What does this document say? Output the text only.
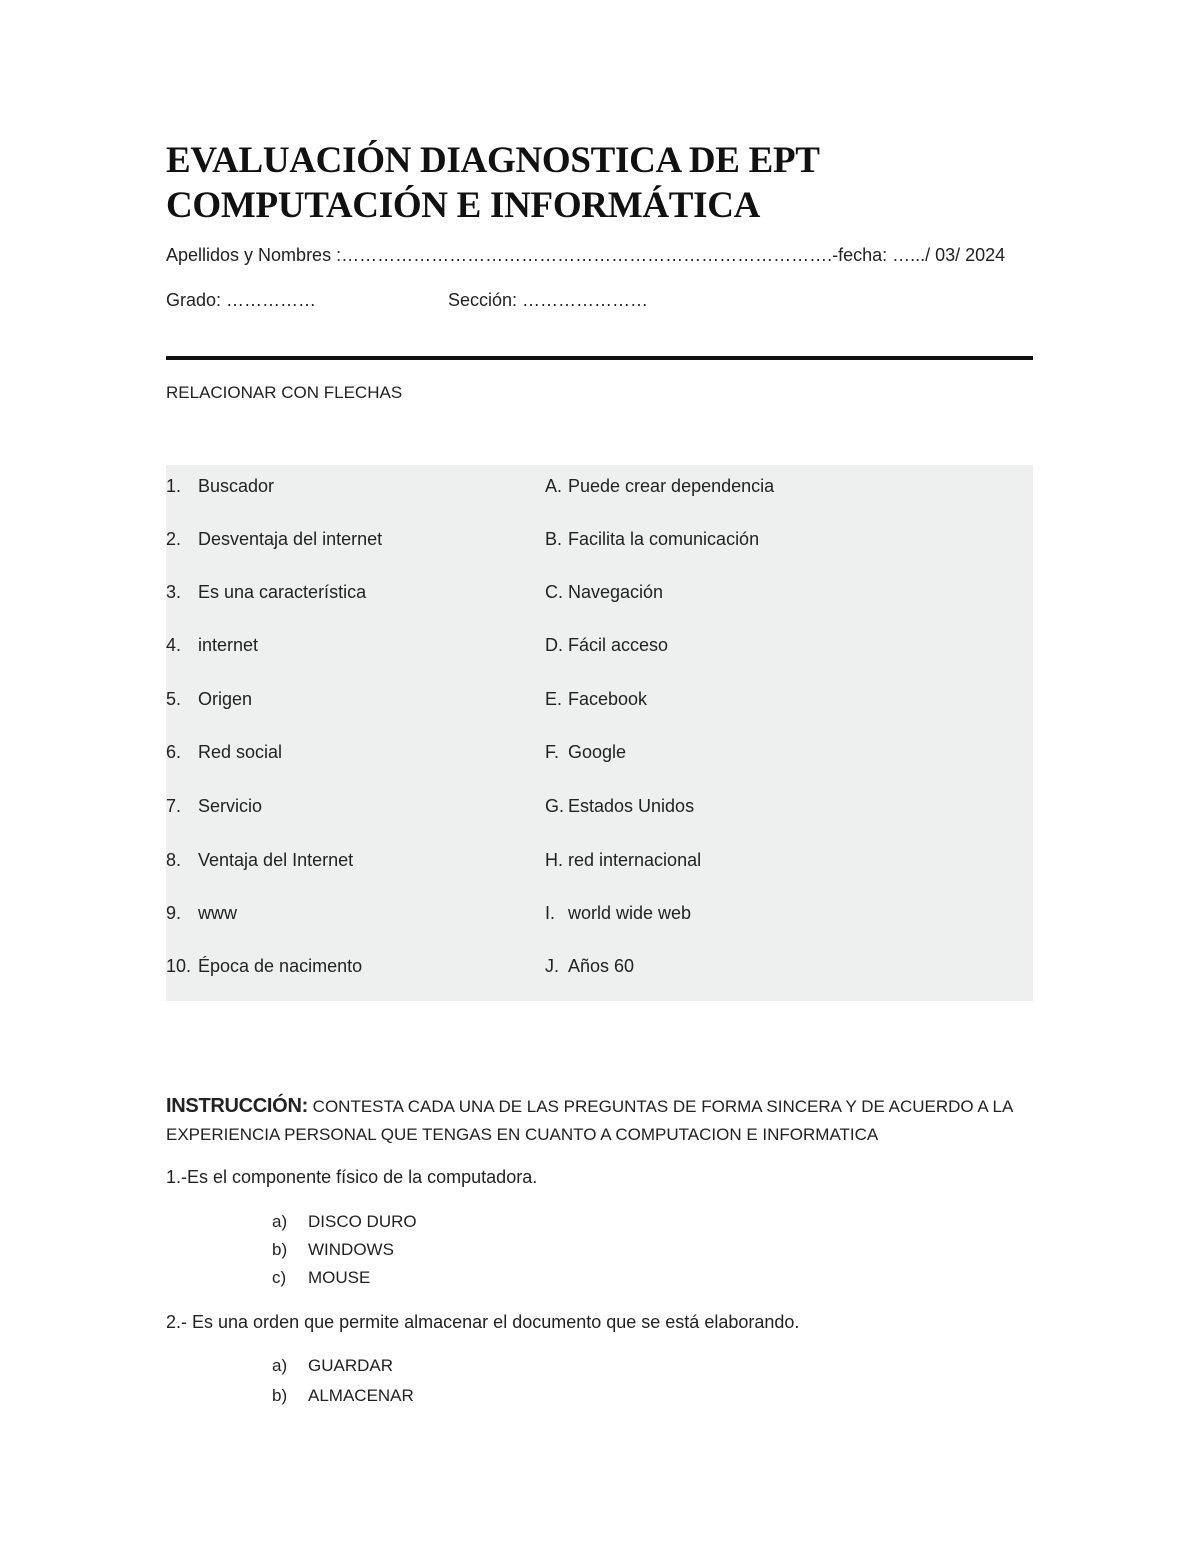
EVALUACIÓN DIAGNOSTICA DE EPT
COMPUTACIÓN E INFORMÁTICA
Apellidos y Nombres :……………………………………………………………………….-fecha: ….../ 03/ 2024
Grado: ……………	Sección: …………………
RELACIONAR CON FLECHAS
1. Buscador	A. Puede crear dependencia
2. Desventaja del internet	B. Facilita la comunicación
3. Es una característica	C. Navegación
4. internet	D. Fácil acceso
5. Origen	E. Facebook
6. Red social	F. Google
7. Servicio	G. Estados Unidos
8. Ventaja del Internet	H. red internacional
9. www	I. world wide web
10. Época de nacimento	J. Años 60
INSTRUCCIÓN: CONTESTA CADA UNA DE LAS PREGUNTAS DE FORMA SINCERA Y DE ACUERDO A LA EXPERIENCIA PERSONAL QUE TENGAS EN CUANTO A COMPUTACION E INFORMATICA
1.-Es el componente físico de la computadora.
a) DISCO DURO
b) WINDOWS
c) MOUSE
2.- Es una orden que permite almacenar el documento que se está elaborando.
a) GUARDAR
b) ALMACENAR
